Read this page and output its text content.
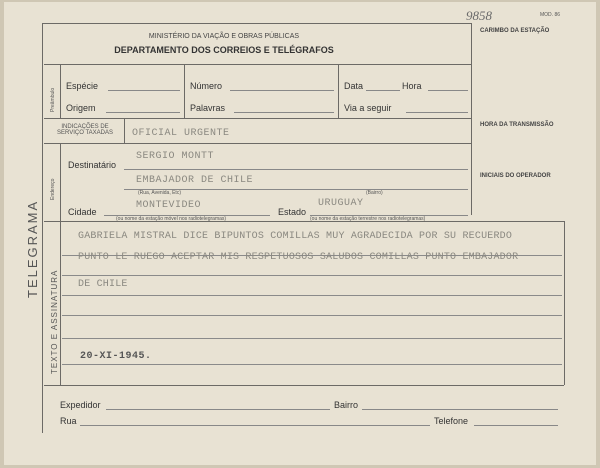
9858	MOD. 86
MINISTÉRIO DA VIAÇÃO E OBRAS PÚBLICAS
DEPARTAMENTO DOS CORREIOS E TELÉGRAFOS
CARIMBO DA ESTAÇÃO
Preâmbulo
Espécie	Número	Data	Hora
Origem	Palavras	Via a seguir
INDICAÇÕES DE SERVIÇO TAXADAS	OFICIAL URGENTE
HORA DA TRANSMISSÃO
INICIAIS DO OPERADOR
Endereço
Destinatário
SERGIO MONTT
EMBAJADOR DE CHILE
(Rua, Avenida, Etc)	(Bairro)
Cidade
MONTEVIDEO
(ou nome da estação móvel nos radiotelegramas)
Estado
URUGUAY
(ou nome da estação terrestre nos radiotelegramas)
TELEGRAMA
TEXTO E ASSINATURA
GABRIELA MISTRAL DICE BIPUNTOS COMILLAS MUY AGRADECIDA POR SU RECUERDO
PUNTO LE RUEGO ACEPTAR MIS RESPETUOSOS SALUDOS COMILLAS PUNTO EMBAJADOR
DE CHILE
20-XI-1945.
Expedidor	Bairro
Rua	Telefone
